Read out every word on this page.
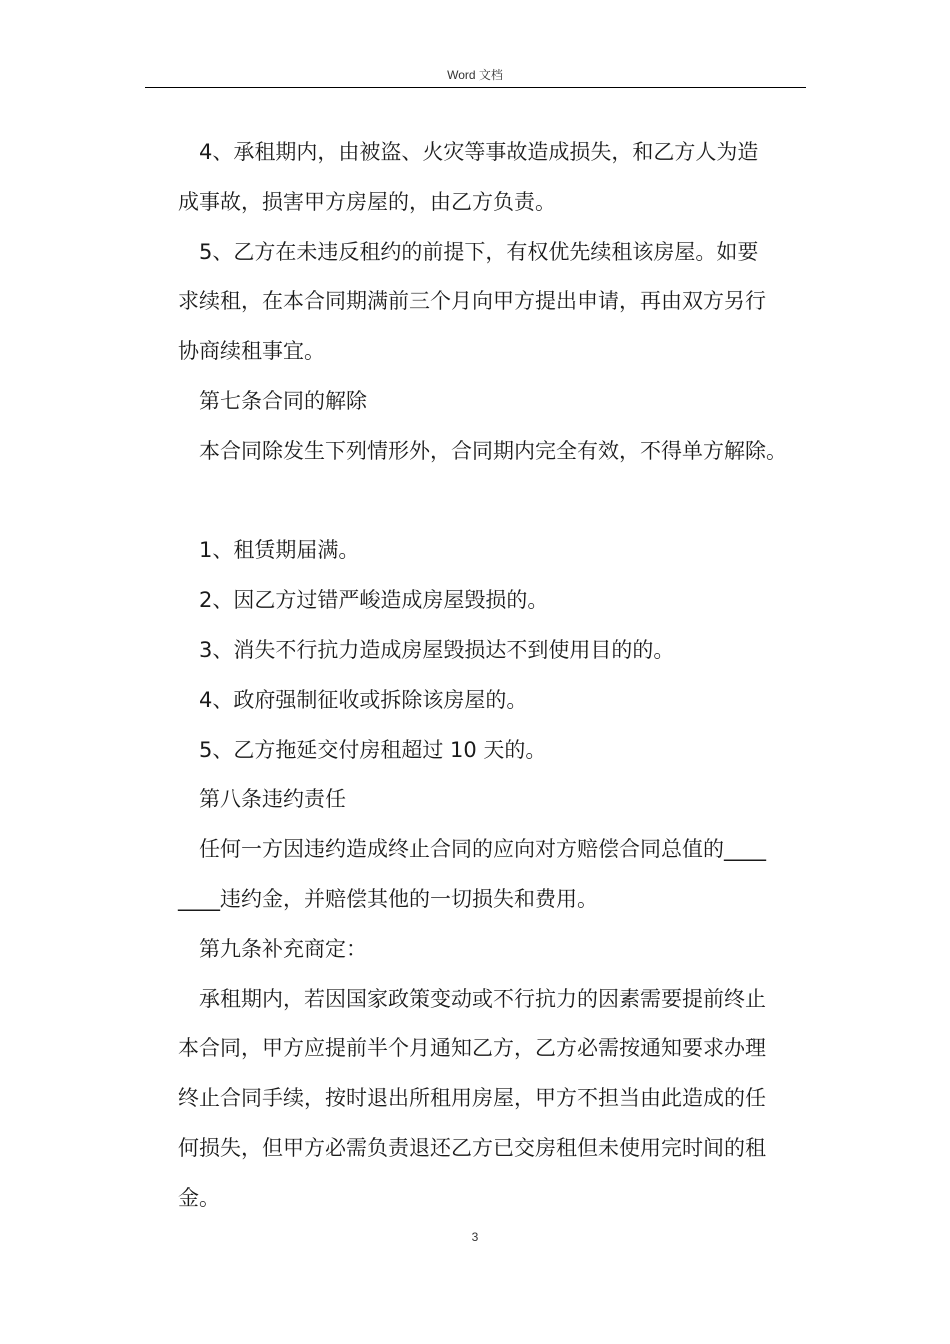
Word 文档

4、承租期内，由被盗、火灾等事故造成损失，和乙方人为造

成事故，损害甲方房屋的，由乙方负责。

5、乙方在未违反租约的前提下，有权优先续租该房屋。如要

求续租，在本合同期满前三个月向甲方提出申请，再由双方另行

协商续租事宜。

第七条合同的解除

本合同除发生下列情形外，合同期内完全有效，不得单方解除。

1、租赁期届满。

2、因乙方过错严峻造成房屋毁损的。

3、消失不行抗力造成房屋毁损达不到使用目的的。

4、政府强制征收或拆除该房屋的。

5、乙方拖延交付房租超过 10 天的。

第八条违约责任

任何一方因违约造成终止合同的应向对方赔偿合同总值的____

____违约金，并赔偿其他的一切损失和费用。

第九条补充商定：

承租期内，若因国家政策变动或不行抗力的因素需要提前终止

本合同，甲方应提前半个月通知乙方，乙方必需按通知要求办理

终止合同手续，按时退出所租用房屋，甲方不担当由此造成的任

何损失，但甲方必需负责退还乙方已交房租但未使用完时间的租

金。

3
